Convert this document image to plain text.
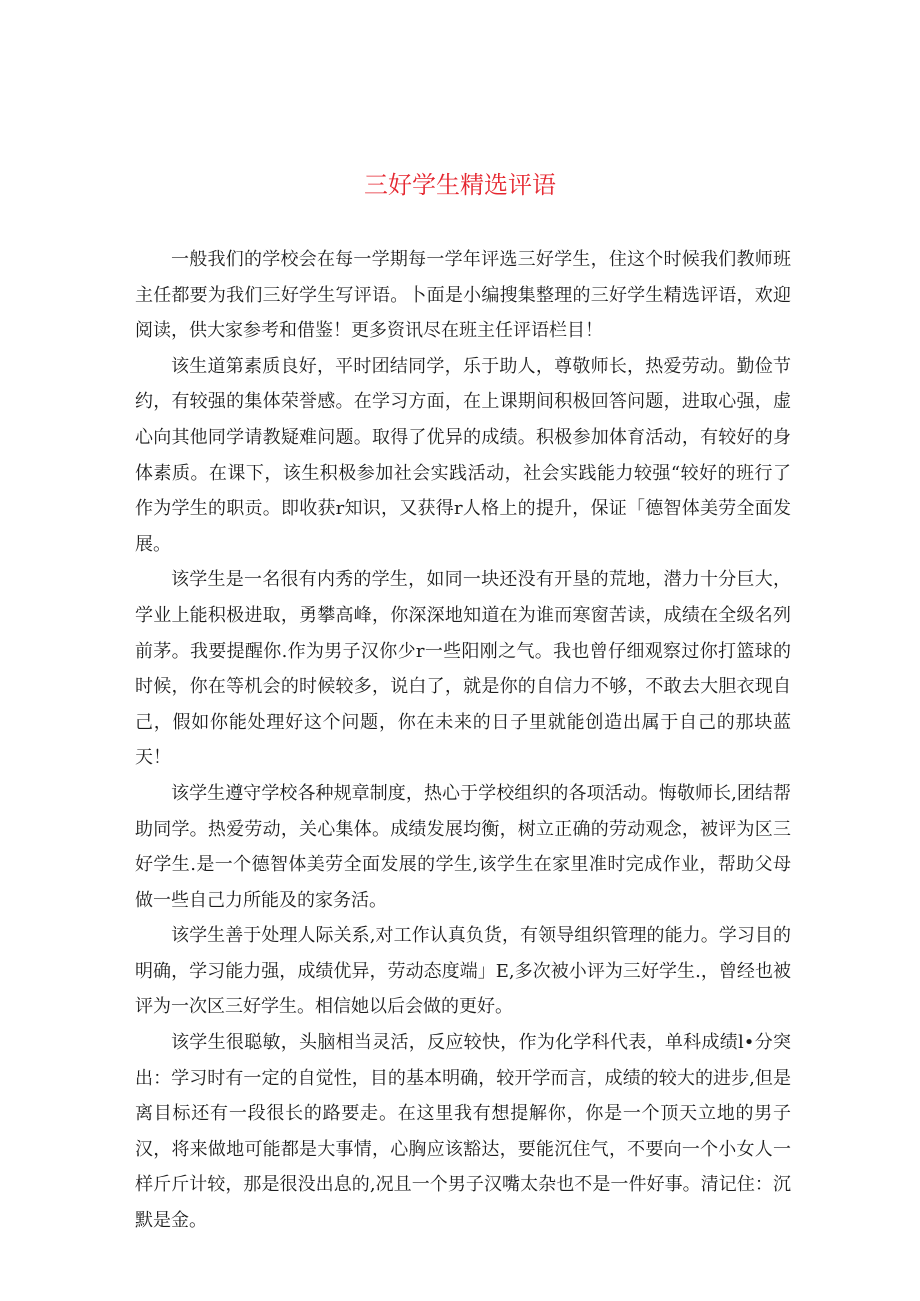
三好学生精选评语

一般我们的学校会在每一学期每一学年评选三好学生，住这个时候我们教师班主任都要为我们三好学生写评语。卜面是小编搜集整理的三好学生精选评语，欢迎阅读，供大家参考和借鉴！更多资讯尽在班主任评语栏目！

该生道第素质良好，平时团结同学，乐于助人，尊敬师长，热爱劳动。勤俭节约，有较强的集体荣誉感。在学习方面，在上课期间积极回答问题，进取心强，虚心向其他同学请教疑难问题。取得了优异的成绩。积极参加体育活动，有较好的身体素质。在课下，该生积极参加社会实践活动，社会实践能力较强“较好的班行了作为学生的职贡。即收获r知识，又获得r人格上的提升，保证「德智体美劳全面发展。

该学生是一名很有内秀的学生，如同一块还没有开垦的荒地，潜力十分巨大，学业上能积极进取，勇攀高峰，你深深地知道在为谁而寒窗苦读，成绩在全级名列前茅。我要提醒你.作为男子汉你少r一些阳刚之气。我也曾仔细观察过你打篮球的时候，你在等机会的时候较多，说白了，就是你的自信力不够，不敢去大胆衣现自己，假如你能处理好这个问题，你在未来的日子里就能创造出属于自己的那块蓝天！

该学生遵守学校各种规章制度，热心于学校组织的各项活动。悔敬师长,团结帮助同学。热爱劳动，关心集体。成绩发展均衡，树立正确的劳动观念，被评为区三好学生.是一个德智体美劳全面发展的学生,该学生在家里准时完成作业，帮助父母做一些自己力所能及的家务活。

该学生善于处理人际关系,对工作认真负货，有领导组织管理的能力。学习目的明确，学习能力强，成绩优异，劳动态度端」E,多次被小评为三好学生.，曾经也被评为一次区三好学生。相信她以后会做的更好。

该学生很聪敏，头脑相当灵活，反应较快，作为化学科代表，单科成绩l•分突出：学习时有一定的自觉性，目的基本明确，较开学而言，成绩的较大的进步,但是离目标还有一段很长的路要走。在这里我有想提解你，你是一个顶天立地的男子汉，将来做地可能都是大事情，心胸应该豁达，要能沉住气，不要向一个小女人一样斤斤计较，那是很没出息的,况且一个男子汉嘴太杂也不是一件好事。清记住：沉默是金。
